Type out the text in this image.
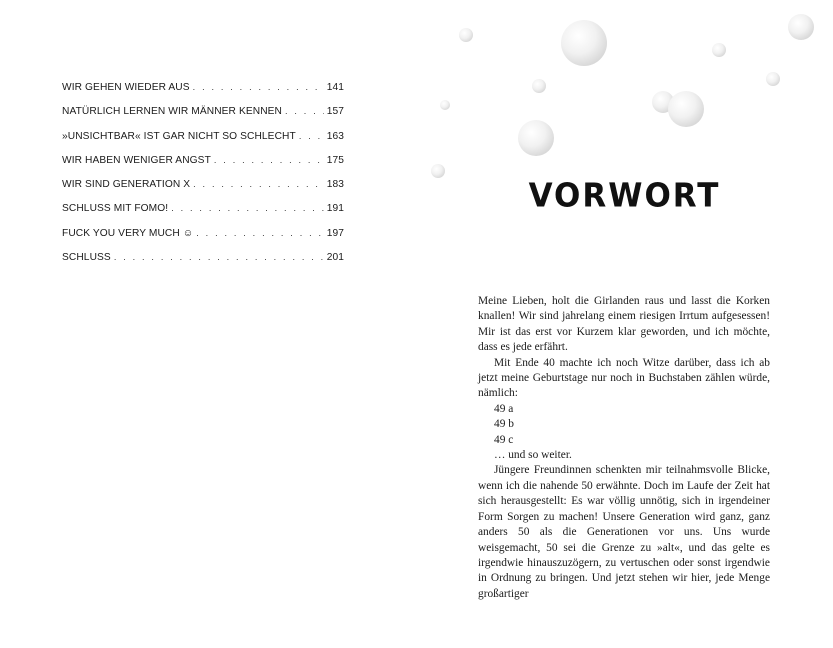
WIR GEHEN WIEDER AUS . . .	141
NATÜRLICH LERNEN WIR MÄNNER KENNEN . . .	157
»UNSICHTBAR« IST GAR NICHT SO SCHLECHT . . .	163
WIR HABEN WENIGER ANGST . . .	175
WIR SIND GENERATION X . . .	183
SCHLUSS MIT FOMO! . . .	191
FUCK YOU VERY MUCH ☺ . . .	197
SCHLUSS . . .	201
VORWORT

Meine Lieben, holt die Girlanden raus und lasst die Korken knallen! Wir sind jahrelang einem riesigen Irrtum aufgesessen! Mir ist das erst vor Kurzem klar geworden, und ich möchte, dass es jede erfährt.

Mit Ende 40 machte ich noch Witze darüber, dass ich ab jetzt meine Geburtstage nur noch in Buchstaben zählen würde, nämlich:

49 a

49 b

49 c

… und so weiter.

Jüngere Freundinnen schenkten mir teilnahmsvolle Blicke, wenn ich die nahende 50 erwähnte. Doch im Laufe der Zeit hat sich herausgestellt: Es war völlig unnötig, sich in irgendeiner Form Sorgen zu machen! Unsere Generation wird ganz, ganz anders 50 als die Generationen vor uns. Uns wurde weisgemacht, 50 sei die Grenze zu »alt«, und das gelte es irgendwie hinauszuzögern, zu vertuschen oder sonst irgendwie in Ordnung zu bringen. Und jetzt stehen wir hier, jede Menge großartiger
